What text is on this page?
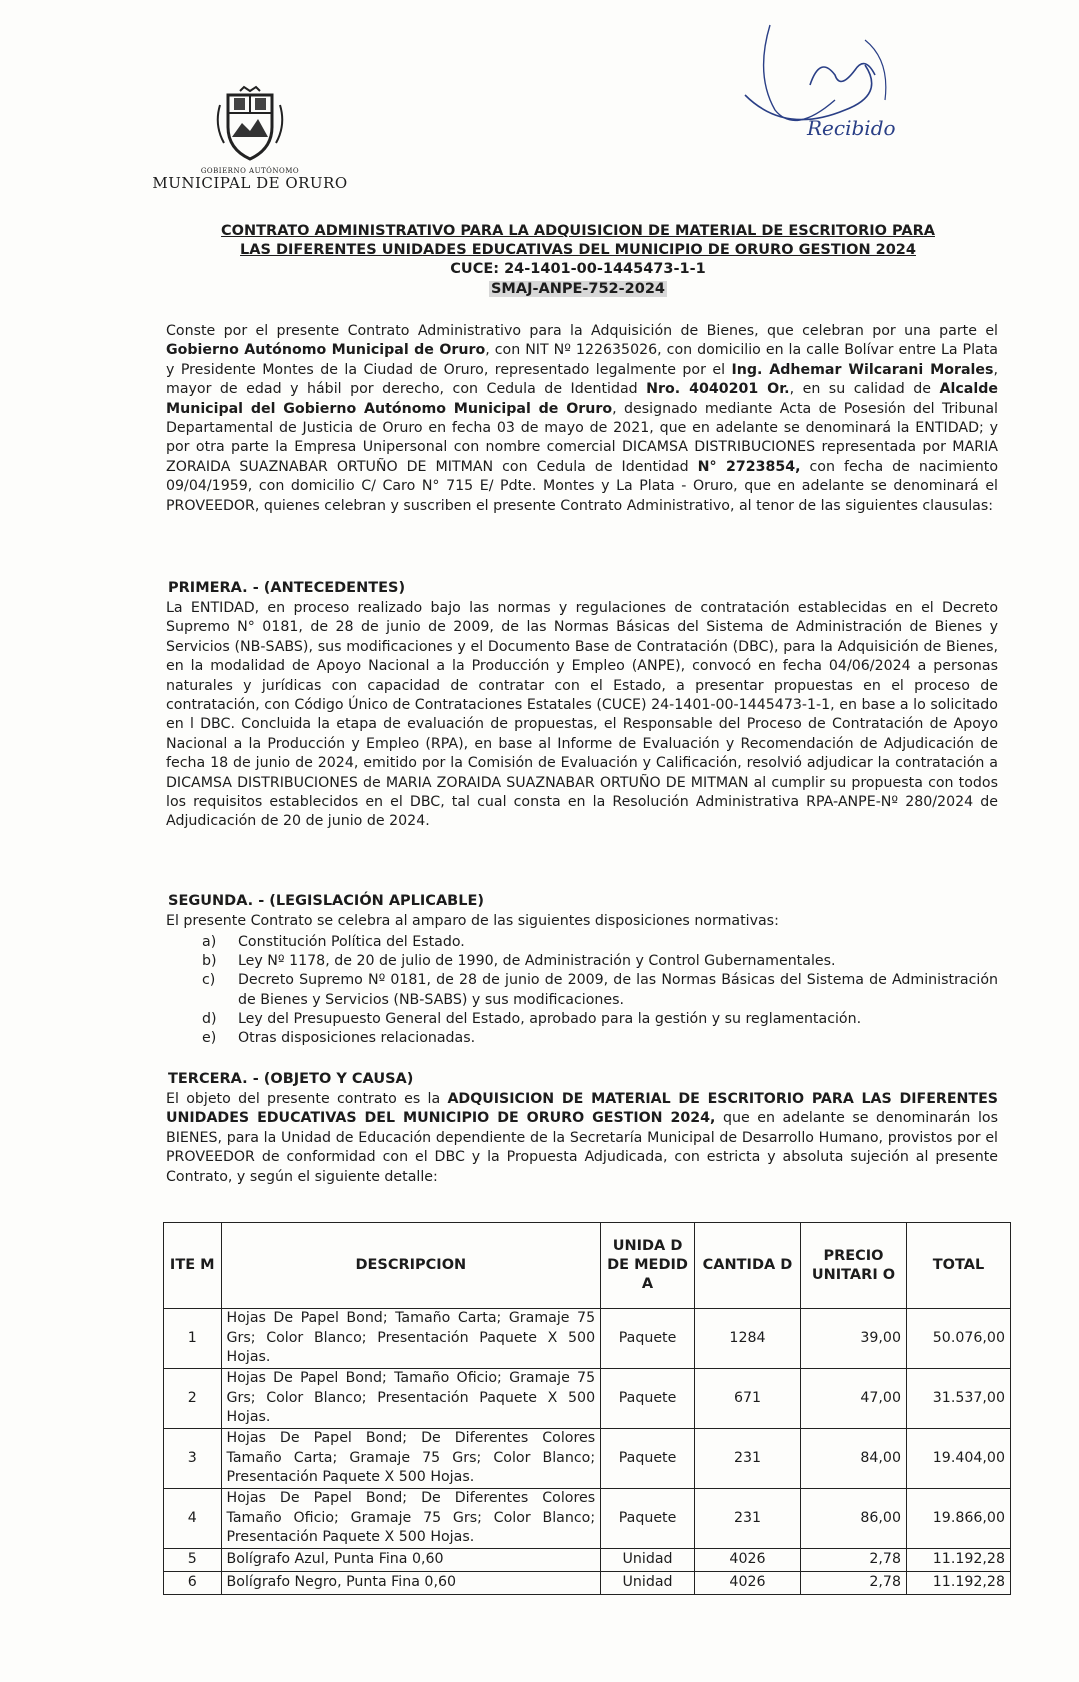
GOBIERNO AUTÓNOMO
MUNICIPAL DE ORURO
Recibido
CONTRATO ADMINISTRATIVO PARA LA ADQUISICION DE MATERIAL DE ESCRITORIO PARA
LAS DIFERENTES UNIDADES EDUCATIVAS DEL MUNICIPIO DE ORURO GESTION 2024
CUCE: 24-1401-00-1445473-1-1
SMAJ-ANPE-752-2024
Conste por el presente Contrato Administrativo para la Adquisición de Bienes, que celebran por una parte el Gobierno Autónomo Municipal de Oruro, con NIT Nº 122635026, con domicilio en la calle Bolívar entre La Plata y Presidente Montes de la Ciudad de Oruro, representado legalmente por el Ing. Adhemar Wilcarani Morales, mayor de edad y hábil por derecho, con Cedula de Identidad Nro. 4040201 Or., en su calidad de Alcalde Municipal del Gobierno Autónomo Municipal de Oruro, designado mediante Acta de Posesión del Tribunal Departamental de Justicia de Oruro en fecha 03 de mayo de 2021, que en adelante se denominará la ENTIDAD; y por otra parte la Empresa Unipersonal con nombre comercial DICAMSA DISTRIBUCIONES representada por MARIA ZORAIDA SUAZNABAR ORTUÑO DE MITMAN con Cedula de Identidad N° 2723854, con fecha de nacimiento 09/04/1959, con domicilio C/ Caro N° 715 E/ Pdte. Montes y La Plata - Oruro, que en adelante se denominará el PROVEEDOR, quienes celebran y suscriben el presente Contrato Administrativo, al tenor de las siguientes clausulas:
PRIMERA. - (ANTECEDENTES)
La ENTIDAD, en proceso realizado bajo las normas y regulaciones de contratación establecidas en el Decreto Supremo N° 0181, de 28 de junio de 2009, de las Normas Básicas del Sistema de Administración de Bienes y Servicios (NB-SABS), sus modificaciones y el Documento Base de Contratación (DBC), para la Adquisición de Bienes, en la modalidad de Apoyo Nacional a la Producción y Empleo (ANPE), convocó en fecha 04/06/2024 a personas naturales y jurídicas con capacidad de contratar con el Estado, a presentar propuestas en el proceso de contratación, con Código Único de Contrataciones Estatales (CUCE) 24-1401-00-1445473-1-1, en base a lo solicitado en l DBC. Concluida la etapa de evaluación de propuestas, el Responsable del Proceso de Contratación de Apoyo Nacional a la Producción y Empleo (RPA), en base al Informe de Evaluación y Recomendación de Adjudicación de fecha 18 de junio de 2024, emitido por la Comisión de Evaluación y Calificación, resolvió adjudicar la contratación a DICAMSA DISTRIBUCIONES de MARIA ZORAIDA SUAZNABAR ORTUÑO DE MITMAN al cumplir su propuesta con todos los requisitos establecidos en el DBC, tal cual consta en la Resolución Administrativa RPA-ANPE-Nº 280/2024 de Adjudicación de 20 de junio de 2024.
SEGUNDA. - (LEGISLACIÓN APLICABLE)
El presente Contrato se celebra al amparo de las siguientes disposiciones normativas:
a)	Constitución Política del Estado.
b)	Ley Nº 1178, de 20 de julio de 1990, de Administración y Control Gubernamentales.
c)	Decreto Supremo Nº 0181, de 28 de junio de 2009, de las Normas Básicas del Sistema de Administración de Bienes y Servicios (NB-SABS) y sus modificaciones.
d)	Ley del Presupuesto General del Estado, aprobado para la gestión y su reglamentación.
e)	Otras disposiciones relacionadas.
TERCERA. - (OBJETO Y CAUSA)
El objeto del presente contrato es la ADQUISICION DE MATERIAL DE ESCRITORIO PARA LAS DIFERENTES UNIDADES EDUCATIVAS DEL MUNICIPIO DE ORURO GESTION 2024, que en adelante se denominarán los BIENES, para la Unidad de Educación dependiente de la Secretaría Municipal de Desarrollo Humano, provistos por el PROVEEDOR de conformidad con el DBC y la Propuesta Adjudicada, con estricta y absoluta sujeción al presente Contrato, y según el siguiente detalle:
ITE M	DESCRIPCION	UNIDA D DE MEDID A	CANTIDA D	PRECIO UNITARI O	TOTAL
1	Hojas De Papel Bond; Tamaño Carta; Gramaje 75 Grs; Color Blanco; Presentación Paquete X 500 Hojas.	Paquete	1284	39,00	50.076,00
2	Hojas De Papel Bond; Tamaño Oficio; Gramaje 75 Grs; Color Blanco; Presentación Paquete X 500 Hojas.	Paquete	671	47,00	31.537,00
3	Hojas De Papel Bond; De Diferentes Colores Tamaño Carta; Gramaje 75 Grs; Color Blanco; Presentación Paquete X 500 Hojas.	Paquete	231	84,00	19.404,00
4	Hojas De Papel Bond; De Diferentes Colores Tamaño Oficio; Gramaje 75 Grs; Color Blanco; Presentación Paquete X 500 Hojas.	Paquete	231	86,00	19.866,00
5	Bolígrafo Azul, Punta Fina 0,60	Unidad	4026	2,78	11.192,28
6	Bolígrafo Negro, Punta Fina 0,60	Unidad	4026	2,78	11.192,28
